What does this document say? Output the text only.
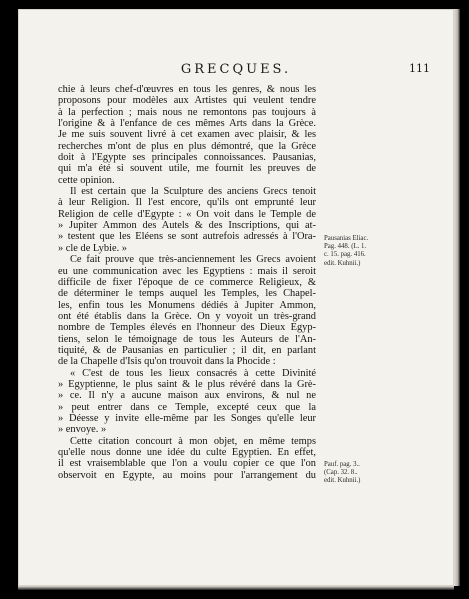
GRECQUES.	111
chie à leurs chef-d'œuvres en tous les genres, & nous les
proposons pour modèles aux Artistes qui veulent tendre
à la perfection ; mais nous ne remontons pas toujours à
l'origine & à l'enfance de ces mêmes Arts dans la Grèce.
Je me suis souvent livré à cet examen avec plaisir, & les
recherches m'ont de plus en plus démontré, que la Grèce
doit à l'Egypte ses principales connoissances. Pausanias,
qui m'a été si souvent utile, me fournit les preuves de
cette opinion.
Il est certain que la Sculpture des anciens Grecs tenoit
à leur Religion. Il l'est encore, qu'ils ont emprunté leur
Religion de celle d'Egypte : « On voit dans le Temple de
» Jupiter Ammon des Autels & des Inscriptions, qui at-
» testent que les Eléens se sont autrefois adressés à l'Ora-
» cle de Lybie. »
Ce fait prouve que très-anciennement les Grecs avoient
eu une communication avec les Egyptiens : mais il seroit
difficile de fixer l'époque de ce commerce Religieux, &
de déterminer le temps auquel les Temples, les Chapel-
les, enfin tous les Monumens dédiés à Jupiter Ammon,
ont été établis dans la Grèce. On y voyoit un très-grand
nombre de Temples élevés en l'honneur des Dieux Egyp-
tiens, selon le témoignage de tous les Auteurs de l'An-
tiquité, & de Pausanias en particulier ; il dit, en parlant
de la Chapelle d'Isis qu'on trouvoit dans la Phocide :
« C'est de tous les lieux consacrés à cette Divinité
» Egyptienne, le plus saint & le plus révéré dans la Grè-
» ce. Il n'y a aucune maison aux environs, & nul ne
» peut entrer dans ce Temple, excepté ceux que la
» Déesse y invite elle-même par les Songes qu'elle leur
» envoye. »
Cette citation concourt à mon objet, en même temps
qu'elle nous donne une idée du culte Egyptien. En effet,
il est vraisemblable que l'on a voulu copier ce que l'on
observoit en Egypte, au moins pour l'arrangement du
Pausanias Eliac.
Pag. 448. (L. 1.
c. 15. pag. 416.
edit. Kuhnii.)
Pauf. pag. 3..
(Cap. 32. 8..
edit. Kuhnii.)
